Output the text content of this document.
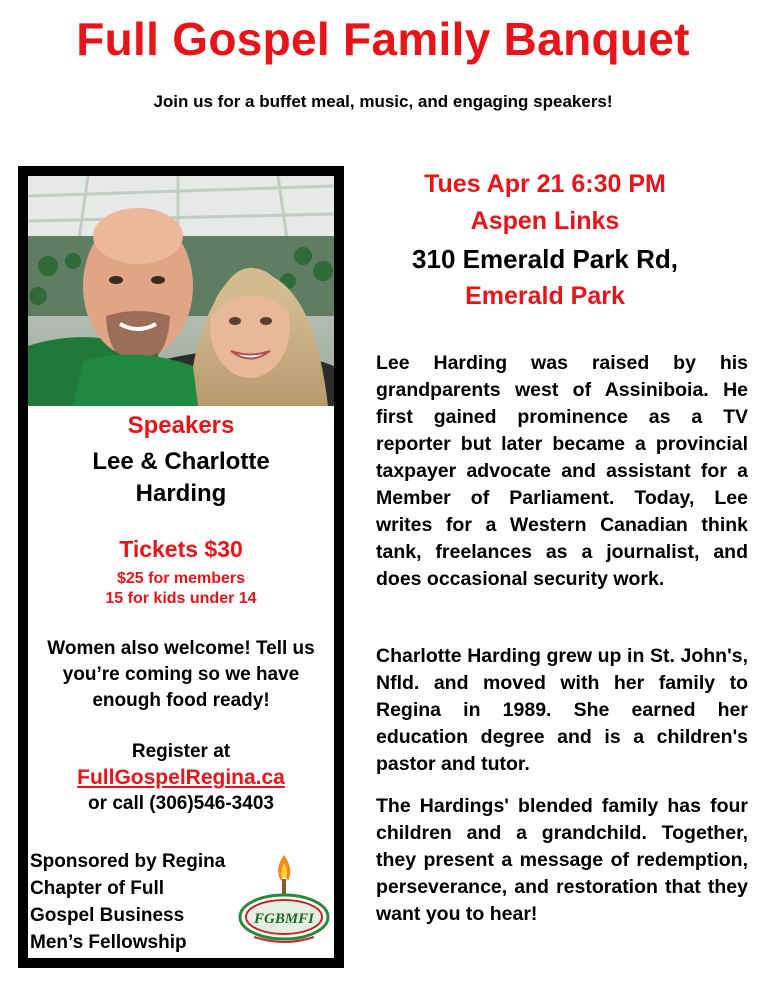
Full Gospel Family Banquet
Join us for a buffet meal, music, and engaging speakers!
Speakers
Lee & Charlotte
Harding
Tickets $30
$25 for members
15 for kids under 14
Women also welcome! Tell us
you’re coming so we have
enough food ready!
Register at
FullGospelRegina.ca
or call (306)546-3403
Sponsored by Regina
Chapter of Full
Gospel Business
Men’s Fellowship
FGBMFI
Tues Apr 21 6:30 PM
Aspen Links
310 Emerald Park Rd,
Emerald Park

Lee Harding was raised by his grandparents west of Assiniboia. He first gained prominence as a TV reporter but later became a provincial taxpayer advocate and assistant for a Member of Parliament. Today, Lee writes for a Western Canadian think tank, freelances as a journalist, and does occasional security work.

Charlotte Harding grew up in St. John's, Nfld. and moved with her family to Regina in 1989. She earned her education degree and is a children's pastor and tutor.

The Hardings' blended family has four children and a grandchild. Together, they present a message of redemption, perseverance, and restoration that they want you to hear!
